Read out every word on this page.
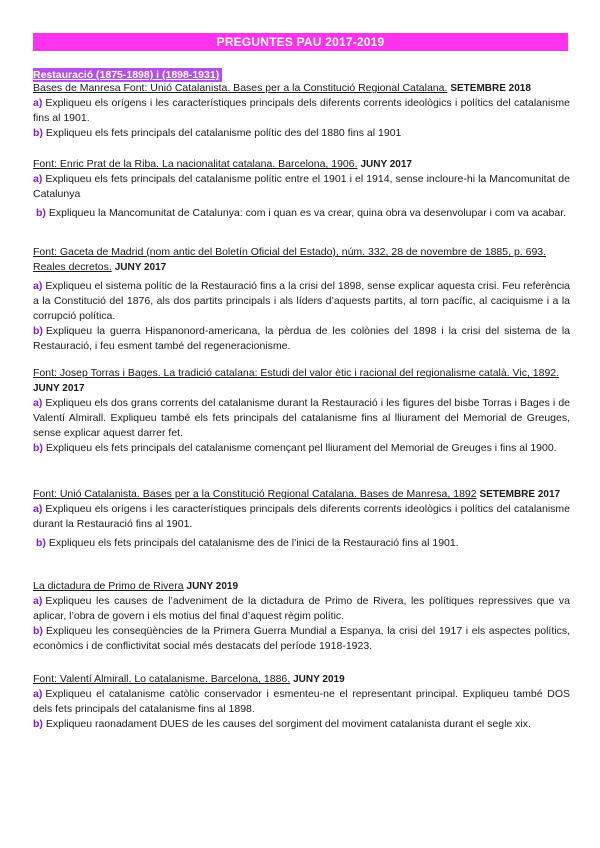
PREGUNTES PAU 2017-2019
Restauració (1875-1898) i (1898-1931)
Bases de Manresa Font: Unió Catalanista. Bases per a la Constitució Regional Catalana. SETEMBRE 2018

a) Expliqueu els orígens i les característiques principals dels diferents corrents ideològics i polítics del catalanisme fins al 1901.

b) Expliqueu els fets principals del catalanisme polític des del 1880 fins al 1901

Font: Enric Prat de la Riba. La nacionalitat catalana. Barcelona, 1906. JUNY 2017

a) Expliqueu els fets principals del catalanisme polític entre el 1901 i el 1914, sense incloure-hi la Mancomunitat de Catalunya

b) Expliqueu la Mancomunitat de Catalunya: com i quan es va crear, quina obra va desenvolupar i com va acabar.

Font: Gaceta de Madrid (nom antic del Boletín Oficial del Estado), núm. 332, 28 de novembre de 1885, p. 693. Reales decretos. JUNY 2017

a) Expliqueu el sistema polític de la Restauració fins a la crisi del 1898, sense explicar aquesta crisi. Feu referència a la Constitució del 1876, als dos partits principals i als líders d’aquests partits, al torn pacífic, al caciquisme i a la corrupció política.

b) Expliqueu la guerra Hispanonord-americana, la pèrdua de les colònies del 1898 i la crisi del sistema de la Restauració, i feu esment també del regeneracionisme.

Font: Josep Torras i Bages. La tradició catalana: Estudi del valor ètic i racional del regionalisme català. Vic, 1892. JUNY 2017

a) Expliqueu els dos grans corrents del catalanisme durant la Restauració i les figures del bisbe Torras i Bages i de Valentí Almirall. Expliqueu també els fets principals del catalanisme fins al lliurament del Memorial de Greuges, sense explicar aquest darrer fet.

b) Expliqueu els fets principals del catalanisme començant pel lliurament del Memorial de Greuges i fins al 1900.

Font: Unió Catalanista. Bases per a la Constitució Regional Catalana. Bases de Manresa, 1892 SETEMBRE 2017

a) Expliqueu els orígens i les característiques principals dels diferents corrents ideològics i polítics del catalanisme durant la Restauració fins al 1901.

b) Expliqueu els fets principals del catalanisme des de l’inici de la Restauració fins al 1901.

La dictadura de Primo de Rivera JUNY 2019

a) Expliqueu les causes de l’adveniment de la dictadura de Primo de Rivera, les polítiques repressives que va aplicar, l’obra de govern i els motius del final d’aquest règim polític.

b) Expliqueu les conseqüències de la Primera Guerra Mundial a Espanya, la crisi del 1917 i els aspectes polítics, econòmics i de conflictivitat social més destacats del període 1918-1923.

Font: Valentí Almirall. Lo catalanisme. Barcelona, 1886. JUNY 2019

a) Expliqueu el catalanisme catòlic conservador i esmenteu-ne el representant principal. Expliqueu també DOS dels fets principals del catalanisme fins al 1898.

b) Expliqueu raonadament DUES de les causes del sorgiment del moviment catalanista durant el segle xix.
